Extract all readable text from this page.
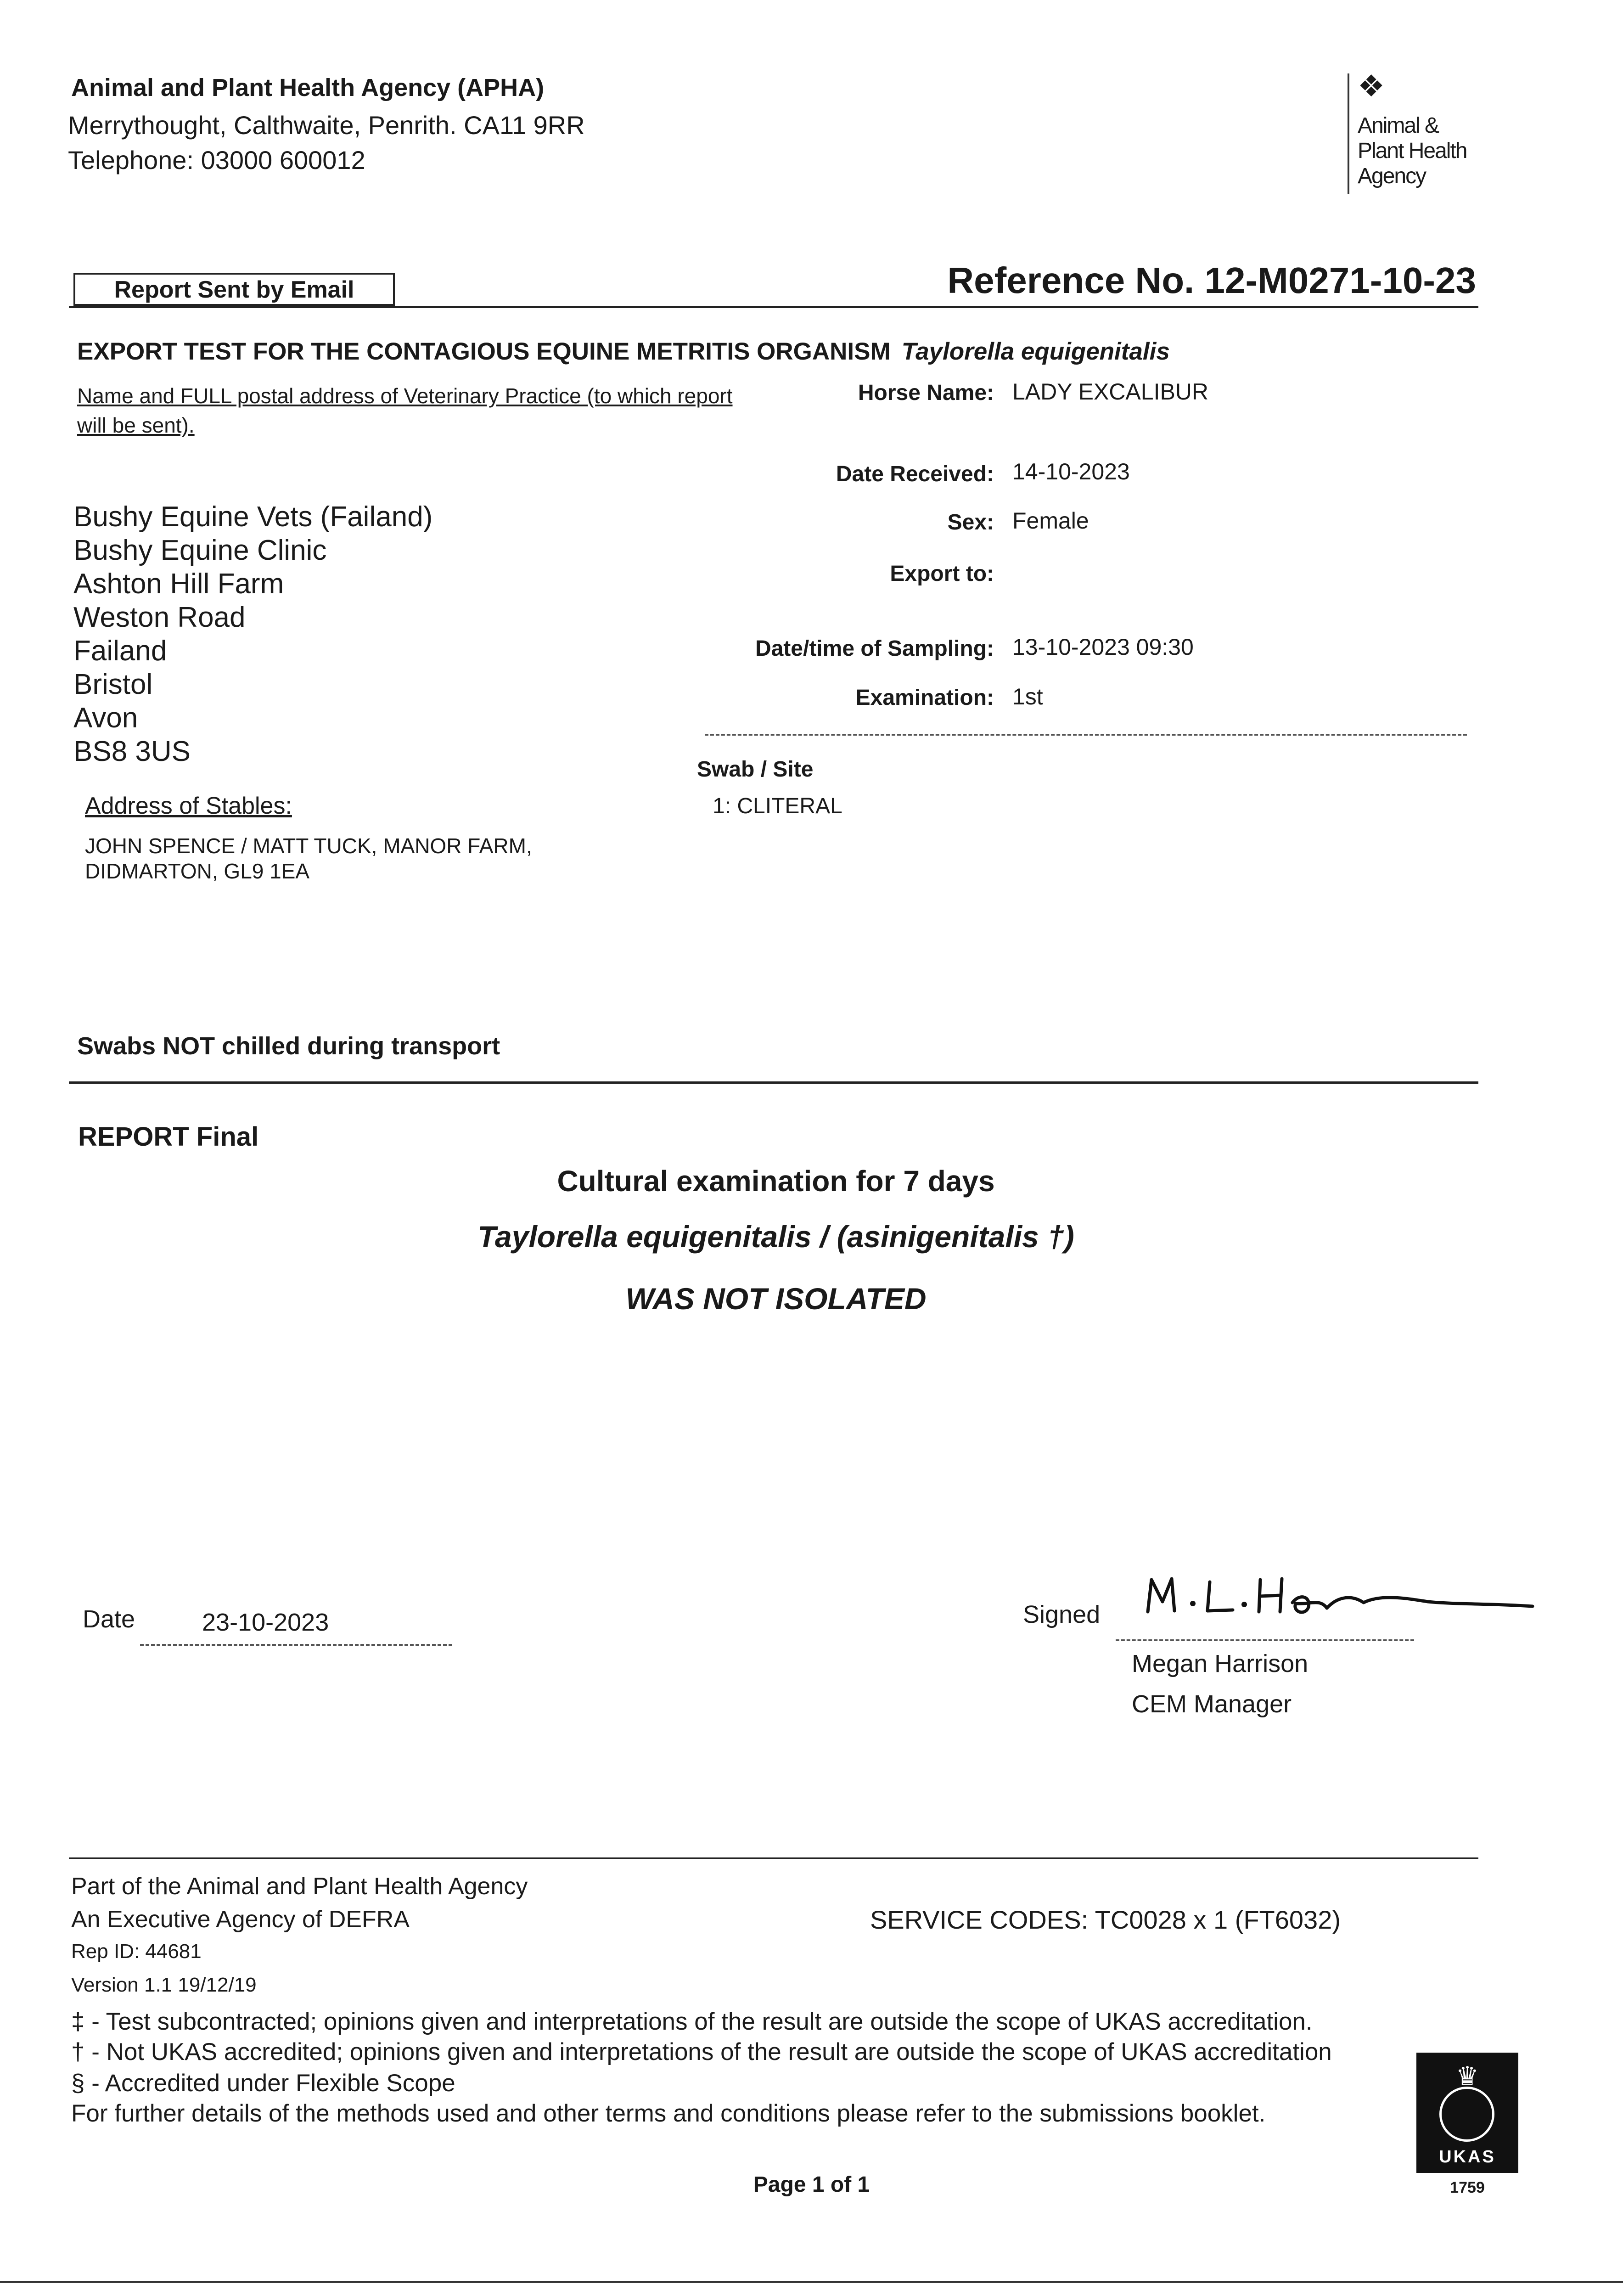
Animal and Plant Health Agency (APHA)
Merrythought, Calthwaite, Penrith. CA11 9RR
Telephone: 03000 600012
❖
Animal &
Plant Health
Agency
Report Sent by Email	Reference No. 12-M0271-10-23
EXPORT TEST FOR THE CONTAGIOUS EQUINE METRITIS ORGANISM Taylorella equigenitalis
Name and FULL postal address of Veterinary Practice (to which report will be sent).
Bushy Equine Vets (Failand)
Bushy Equine Clinic
Ashton Hill Farm
Weston Road
Failand
Bristol
Avon
BS8 3US
Horse Name: LADY EXCALIBUR
Date Received: 14-10-2023
Sex: Female
Export to:
Date/time of Sampling: 13-10-2023 09:30
Examination: 1st
Swab / Site
1: CLITERAL
Address of Stables:
JOHN SPENCE / MATT TUCK, MANOR FARM,
DIDMARTON, GL9 1EA
Swabs NOT chilled during transport
REPORT Final
Cultural examination for 7 days
Taylorella equigenitalis / (asinigenitalis †)
WAS NOT ISOLATED
Date	23-10-2023	Signed
Megan Harrison
CEM Manager
Part of the Animal and Plant Health Agency
An Executive Agency of DEFRA
Rep ID: 44681
Version 1.1 19/12/19
SERVICE CODES: TC0028 x 1 (FT6032)
‡ - Test subcontracted; opinions given and interpretations of the result are outside the scope of UKAS accreditation.
† - Not UKAS accredited; opinions given and interpretations of the result are outside the scope of UKAS accreditation
§ - Accredited under Flexible Scope
For further details of the methods used and other terms and conditions please refer to the submissions booklet.
♛
UKAS
1759
Page 1 of 1
